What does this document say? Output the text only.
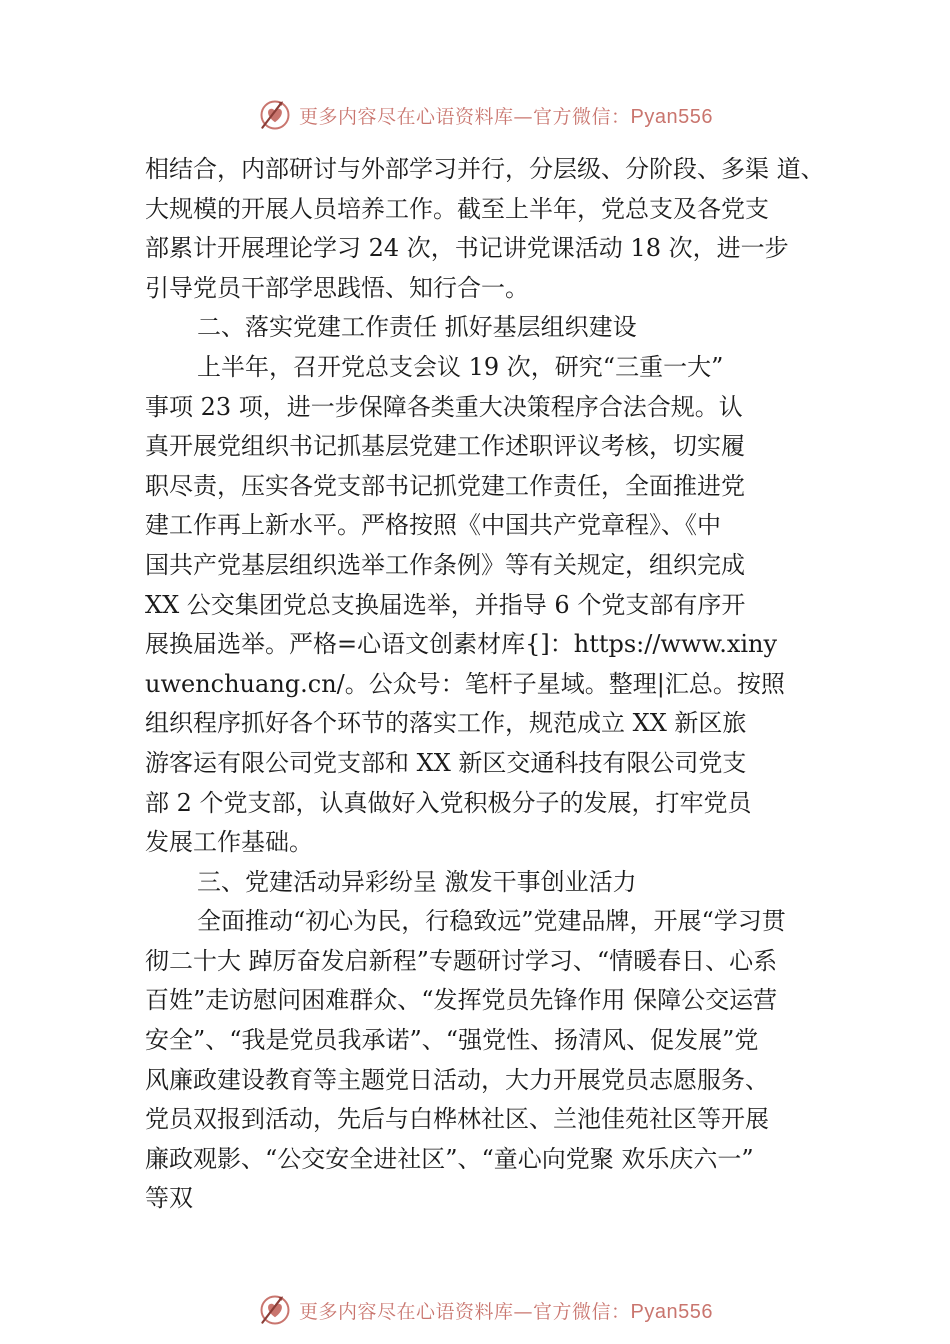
更多内容尽在心语资料库—官方微信：Pyan556
相结合，内部研讨与外部学习并行，分层级、分阶段、多渠 道、
大规模的开展人员培养工作。截至上半年，党总支及各党支
部累计开展理论学习 24 次，书记讲党课活动 18 次，进一步
引导党员干部学思践悟、知行合一。
二、落实党建工作责任 抓好基层组织建设
上半年，召开党总支会议 19 次，研究“三重一大”
事项 23 项，进一步保障各类重大决策程序合法合规。认
真开展党组织书记抓基层党建工作述职评议考核，切实履
职尽责，压实各党支部书记抓党建工作责任，全面推进党
建工作再上新水平。严格按照《中国共产党章程》、《中
国共产党基层组织选举工作条例》等有关规定，组织完成
XX 公交集团党总支换届选举，并指导 6 个党支部有序开
展换届选举。严格=心语文创素材库{]：https://www.xiny
uwenchuang.cn/。公众号：笔杆子星域。整理|汇总。按照
组织程序抓好各个环节的落实工作，规范成立 XX 新区旅
游客运有限公司党支部和 XX 新区交通科技有限公司党支
部 2 个党支部，认真做好入党积极分子的发展，打牢党员
发展工作基础。
三、党建活动异彩纷呈 激发干事创业活力
全面推动“初心为民，行稳致远”党建品牌，开展“学习贯
彻二十大 踔厉奋发启新程”专题研讨学习、“情暖春日、心系
百姓”走访慰问困难群众、“发挥党员先锋作用 保障公交运营
安全”、“我是党员我承诺”、“强党性、扬清风、促发展”党
风廉政建设教育等主题党日活动，大力开展党员志愿服务、
党员双报到活动，先后与白桦林社区、兰池佳苑社区等开展
廉政观影、“公交安全进社区”、“童心向党聚 欢乐庆六一”
等双
更多内容尽在心语资料库—官方微信：Pyan556
